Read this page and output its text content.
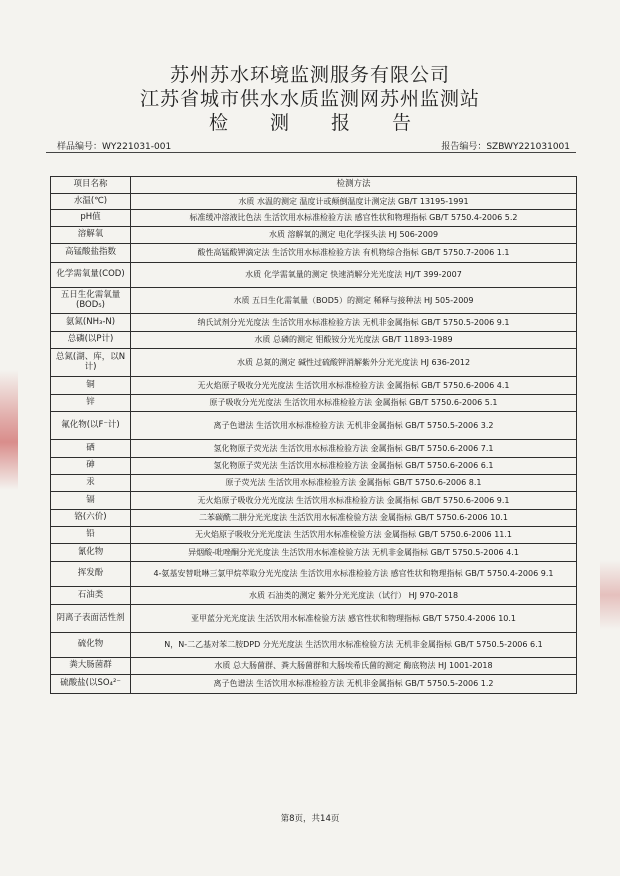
苏州苏水环境监测服务有限公司
江苏省城市供水水质监测网苏州监测站
检测报告
样品编号：WY221031-001	报告编号：SZBWY221031001
项目名称	检测方法
水温(℃)	水质 水温的测定 温度计或颠倒温度计测定法 GB/T 13195-1991
pH值	标准缓冲溶液比色法 生活饮用水标准检验方法 感官性状和物理指标 GB/T 5750.4-2006 5.2
溶解氧	水质 溶解氧的测定 电化学探头法 HJ 506-2009
高锰酸盐指数	酸性高锰酸钾滴定法 生活饮用水标准检验方法 有机物综合指标 GB/T 5750.7-2006 1.1
化学需氧量(COD)	水质 化学需氧量的测定 快速消解分光光度法 HJ/T 399-2007
五日生化需氧量(BOD₅)	水质 五日生化需氧量（BOD5）的测定 稀释与接种法 HJ 505-2009
氨氮(NH₃-N)	纳氏试剂分光光度法 生活饮用水标准检验方法 无机非金属指标 GB/T 5750.5-2006 9.1
总磷(以P计)	水质 总磷的测定 钼酸铵分光光度法 GB/T 11893-1989
总氮(湖、库，以N计)	水质 总氮的测定 碱性过硫酸钾消解紫外分光光度法 HJ 636-2012
铜	无火焰原子吸收分光光度法 生活饮用水标准检验方法 金属指标 GB/T 5750.6-2006 4.1
锌	原子吸收分光光度法 生活饮用水标准检验方法 金属指标 GB/T 5750.6-2006 5.1
氟化物(以F⁻计)	离子色谱法 生活饮用水标准检验方法 无机非金属指标 GB/T 5750.5-2006 3.2
硒	氢化物原子荧光法 生活饮用水标准检验方法 金属指标 GB/T 5750.6-2006 7.1
砷	氢化物原子荧光法 生活饮用水标准检验方法 金属指标 GB/T 5750.6-2006 6.1
汞	原子荧光法 生活饮用水标准检验方法 金属指标 GB/T 5750.6-2006 8.1
镉	无火焰原子吸收分光光度法 生活饮用水标准检验方法 金属指标 GB/T 5750.6-2006 9.1
铬(六价)	二苯碳酰二肼分光光度法 生活饮用水标准检验方法 金属指标 GB/T 5750.6-2006 10.1
铅	无火焰原子吸收分光光度法 生活饮用水标准检验方法 金属指标 GB/T 5750.6-2006 11.1
氰化物	异烟酸-吡唑酮分光光度法 生活饮用水标准检验方法 无机非金属指标 GB/T 5750.5-2006 4.1
挥发酚	4-氨基安替吡啉三氯甲烷萃取分光光度法 生活饮用水标准检验方法 感官性状和物理指标 GB/T 5750.4-2006 9.1
石油类	水质 石油类的测定 紫外分光光度法（试行） HJ 970-2018
阴离子表面活性剂	亚甲蓝分光光度法 生活饮用水标准检验方法 感官性状和物理指标 GB/T 5750.4-2006 10.1
硫化物	N，N-二乙基对苯二胺DPD 分光光度法 生活饮用水标准检验方法 无机非金属指标 GB/T 5750.5-2006 6.1
粪大肠菌群	水质 总大肠菌群、粪大肠菌群和大肠埃希氏菌的测定 酶底物法 HJ 1001-2018
硫酸盐(以SO₄²⁻	离子色谱法 生活饮用水标准检验方法 无机非金属指标 GB/T 5750.5-2006 1.2
第8页，共14页
